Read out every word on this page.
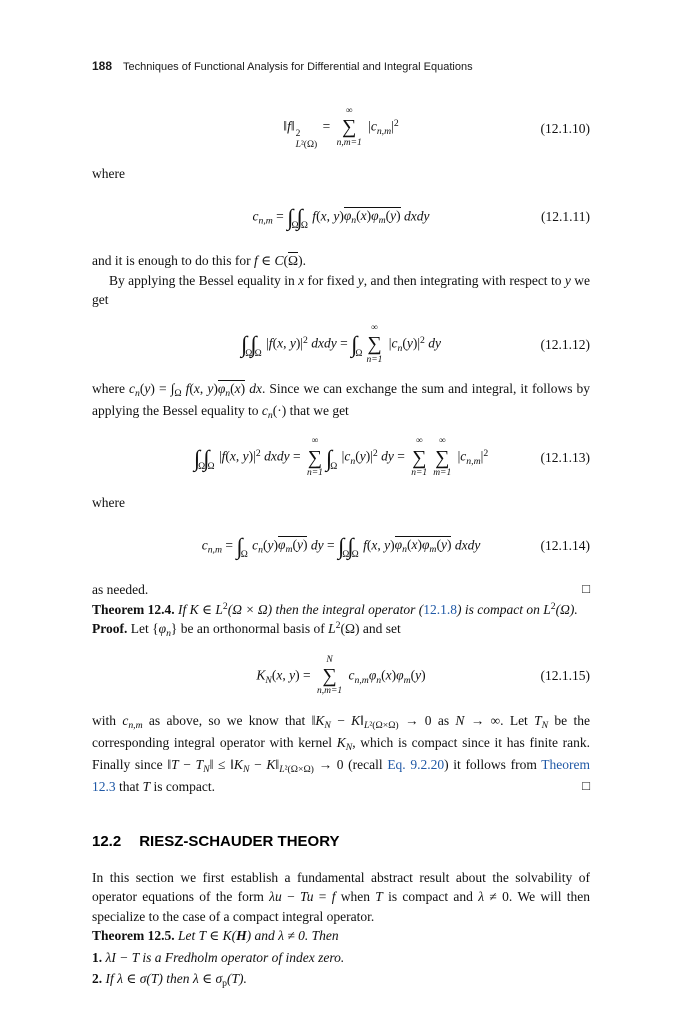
188 Techniques of Functional Analysis for Differential and Integral Equations
‖f‖
2
L²(Ω)
=
∞
∑
n,m=1
$|c_{n,m}|^2$	(12.1.10)

where

$c_{n,m}$ = ∫
Ω
∫
Ω
f(x, $y)\varphi_n(x)\varphi_m(y)$ dxdy	(12.1.11)

and it is enough to do this for f ∈ C(Ω).

By applying the Bessel equality in x for fixed y, and then integrating with respect to y we get

∫
Ω
∫
Ω
|f(x, $y)|^2$ dxdy = ∫
Ω
∞
∑
n=1
$|c_n(y)|^2$ dy	(12.1.12)

where $c_n(y) = \int_\Omega$ f(x, $y)\varphi_n(x)$ dx. Since we can exchange the sum and integral, it follows by applying the Bessel equality to $c_n(\cdot)$ that we get

∫
Ω
∫
Ω
|f(x, $y)|^2$ dxdy =
∞
∑
n=1
∫
Ω
$|c_n(y)|^2$ dy =
∞
∑
n=1
∞
∑
m=1
$|c_{n,m}|^2$	(12.1.13)

where

$c_{n,m}$ = ∫
Ω
$c_n(y)\varphi_m(y)$ dy = ∫
Ω
∫
Ω
f(x, $y)\varphi_n(x)\varphi_m(y)$ dxdy	(12.1.14)
as needed.	□

Theorem 12.4. If K ∈ $L^2(\Omega \times \Omega)$ then the integral operator (12.1.8) is compact on $L^2(\Omega)$.

Proof. Let $\{\varphi_n\}$ be an orthonormal basis of $L^2(\Omega)$ and set

$K_N(x$, y) =
N
∑
n,m=1
$c_{n,m}\varphi_n(x)\varphi_m(y)$	(12.1.15)

with $c_{n,m}$ as above, so we know that $‖K_N$ − $K‖_{L^2(\Omega\times\Omega)} \to 0$ as N → ∞. Let $T_N$ be the corresponding integral operator with kernel $K_N$, which is compact since it has finite rank. Finally since ‖T − $T_N‖$ ≤ $‖K_N$ − $K‖_{L^2(\Omega\times\Omega)} \to 0$ (recall Eq. 9.2.20) it follows from Theorem 12.3 that T is compact.	□
12.2 RIESZ-SCHAUDER THEORY

In this section we first establish a fundamental abstract result about the solvability of operator equations of the form λu − Tu = f when T is compact and λ ≠ 0. We will then specialize to the case of a compact integral operator.

Theorem 12.5. Let T ∈ K(H) and λ ≠ 0. Then

1. λI − T is a Fredholm operator of index zero.

2. If λ ∈ σ(T) then λ ∈ $\sigma_p(T)$.
